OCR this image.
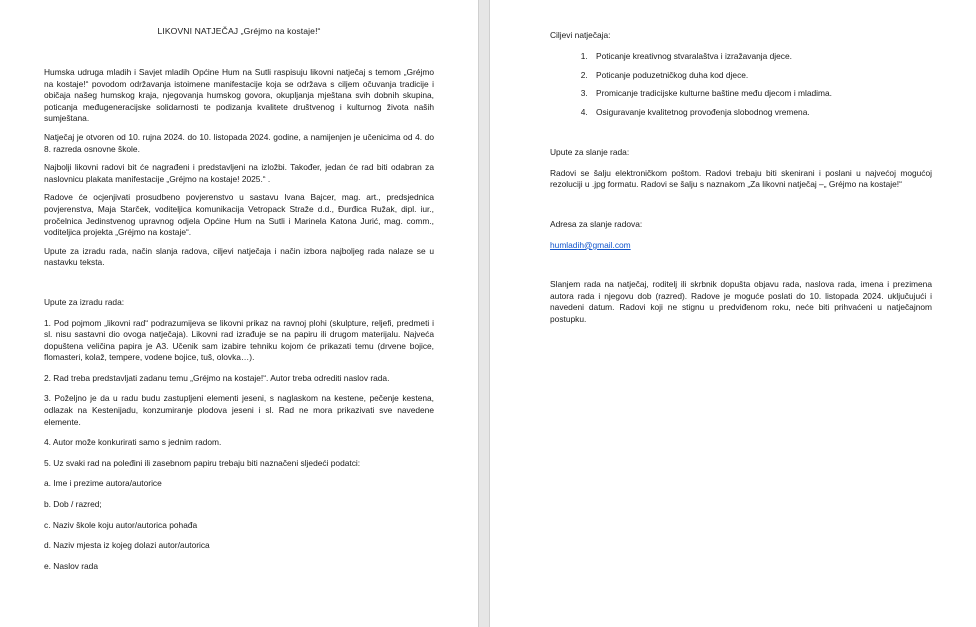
LIKOVNI NATJEČAJ „Gréjmo na kostaje!“

Humska udruga mladih i Savjet mladih Općine Hum na Sutli raspisuju likovni natječaj s temom „Gréjmo na kostaje!“ povodom održavanja istoimene manifestacije koja se održava s ciljem očuvanja tradicije i običaja našeg humskog kraja, njegovanja humskog govora, okupljanja mještana svih dobnih skupina, poticanja međugeneracijske solidarnosti te podizanja kvalitete društvenog i kulturnog života naših sumještana.

Natječaj je otvoren od 10. rujna 2024. do 10. listopada 2024. godine, a namijenjen je učenicima od 4. do 8. razreda osnovne škole.

Najbolji likovni radovi bit će nagrađeni i predstavljeni na izložbi. Također, jedan će rad biti odabran za naslovnicu plakata manifestacije „Gréjmo na kostaje! 2025.“ .

Radove će ocjenjivati prosudbeno povjerenstvo u sastavu Ivana Bajcer, mag. art., predsjednica povjerenstva, Maja Starček, voditeljica komunikacija Vetropack Straže d.d., Đurđica Ružak, dipl. iur., pročelnica Jedinstvenog upravnog odjela Općine Hum na Sutli i Marinela Katona Jurić, mag. comm., voditeljica projekta „Gréjmo na kostaje“.

Upute za izradu rada, način slanja radova, ciljevi natječaja i način izbora najboljeg rada nalaze se u nastavku teksta.

Upute za izradu rada:

1. Pod pojmom „likovni rad“ podrazumijeva se likovni prikaz na ravnoj plohi (skulpture, reljefi, predmeti i sl. nisu sastavni dio ovoga natječaja). Likovni rad izrađuje se na papiru ili drugom materijalu. Najveća dopuštena veličina papira je A3. Učenik sam izabire tehniku kojom će prikazati temu (drvene bojice, flomasteri, kolaž, tempere, vodene bojice, tuš, olovka…).

2. Rad treba predstavljati zadanu temu „Gréjmo na kostaje!“. Autor treba odrediti naslov rada.

3. Poželjno je da u radu budu zastupljeni elementi jeseni, s naglaskom na kestene, pečenje kestena, odlazak na Kestenijadu, konzumiranje plodova jeseni i sl. Rad ne mora prikazivati sve navedene elemente.

4. Autor može konkurirati samo s jednim radom.

5. Uz svaki rad na poleđini ili zasebnom papiru trebaju biti naznačeni sljedeći podatci:

a. Ime i prezime autora/autorice

b. Dob / razred;

c. Naziv škole koju autor/autorica pohađa

d. Naziv mjesta iz kojeg dolazi autor/autorica

e. Naslov rada

Ciljevi natječaja:

1. Poticanje kreativnog stvaralaštva i izražavanja djece.
2. Poticanje poduzetničkog duha kod djece.
3. Promicanje tradicijske kulturne baštine među djecom i mladima.
4. Osiguravanje kvalitetnog provođenja slobodnog vremena.

Upute za slanje rada:

Radovi se šalju elektroničkom poštom. Radovi trebaju biti skenirani i poslani u najvećoj mogućoj rezoluciji u .jpg formatu. Radovi se šalju s naznakom „Za likovni natječaj –„ Gréjmo na kostaje!“

Adresa za slanje radova:

humladih@gmail.com

Slanjem rada na natječaj, roditelj ili skrbnik dopušta objavu rada, naslova rada, imena i prezimena autora rada i njegovu dob (razred). Radove je moguće poslati do 10. listopada 2024. uključujući i navedeni datum. Radovi koji ne stignu u predviđenom roku, neće biti prihvaćeni u natječajnom postupku.
